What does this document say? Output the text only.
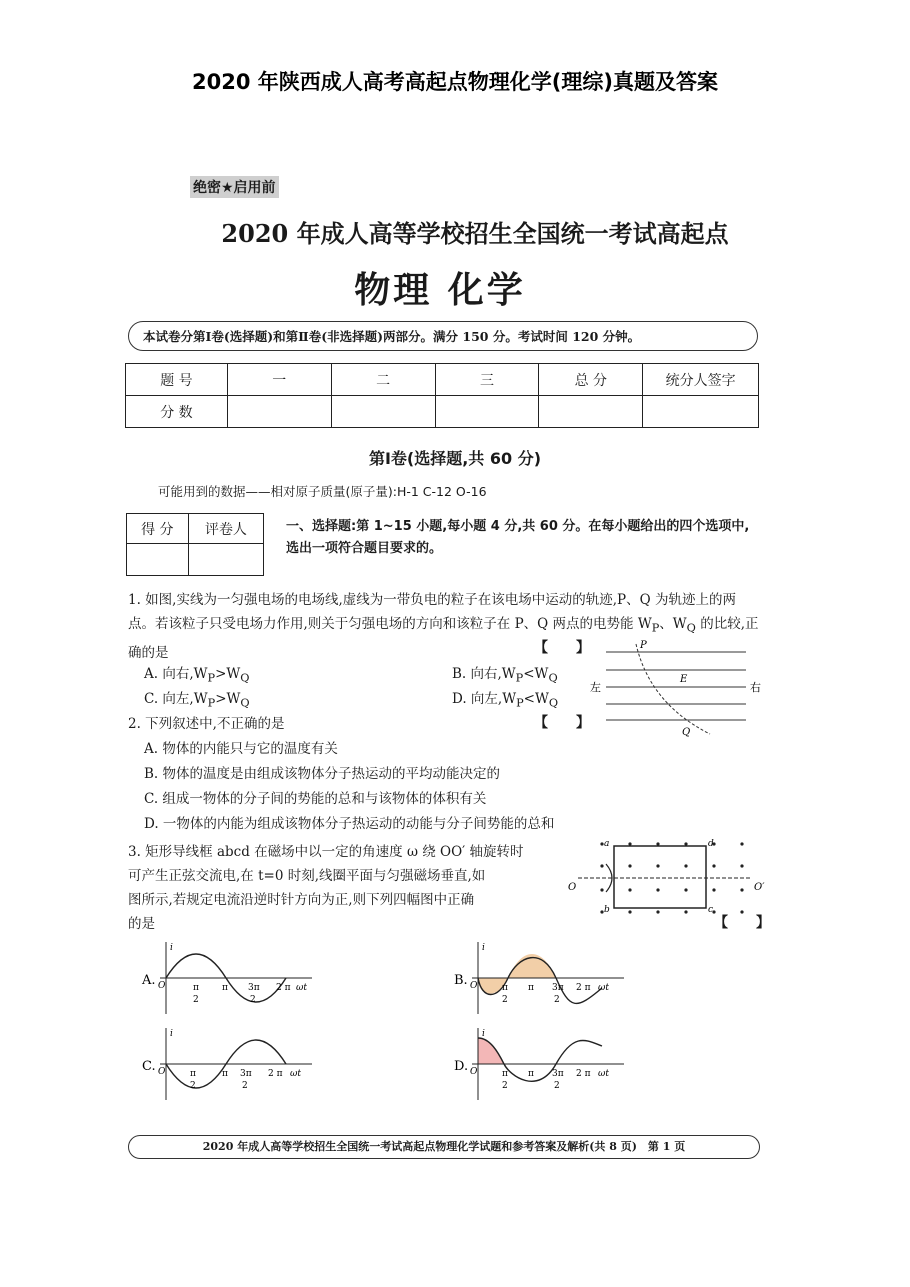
2020 年陕西成人高考高起点物理化学(理综)真题及答案
绝密★启用前
2020 年成人高等学校招生全国统一考试高起点
物理 化学
本试卷分第Ⅰ卷(选择题)和第Ⅱ卷(非选择题)两部分。满分 150 分。考试时间 120 分钟。
题 号	一	二	三	总 分	统分人签字
分 数					
第Ⅰ卷(选择题,共 60 分)
可能用到的数据——相对原子质量(原子量):H-1 C-12 O-16
得 分	评卷人
		一、选择题:第 1~15 小题,每小题 4 分,共 60 分。在每小题给出的四个选项中,选出一项符合题目要求的。
1. 如图,实线为一匀强电场的电场线,虚线为一带负电的粒子在该电场中运动的轨迹,P、Q 为轨迹上的两点。若该粒子只受电场力作用,则关于匀强电场的方向和该粒子在 P、Q 两点的电势能 $W_P$、$W_Q$ 的比较,正确的是	【　　】
A. 向右$,W_P>W_Q$	B. 向右$,W_P<W_Q$
C. 向左$,W_P>W_Q$	D. 向左$,W_P<W_Q$
P
Q
E
左	右
2. 下列叙述中,不正确的是	【　　】
A. 物体的内能只与它的温度有关
B. 物体的温度是由组成该物体分子热运动的平均动能决定的
C. 组成一物体的分子间的势能的总和与该物体的体积有关
D. 一物体的内能为组成该物体分子热运动的动能与分子间势能的总和
3. 矩形导线框 abcd 在磁场中以一定的角速度 ω 绕 OO′ 轴旋转时
可产生正弦交流电,在 t=0 时刻,线圈平面与匀强磁场垂直,如
图所示,若规定电流沿逆时针方向为正,则下列四幅图中正确
的是	【　　】
a
b	c
d
O	O′
i
A. O	π
2
π 3π
2
2 π ωt
i
B. O	π
2
π 3π
2
2 π ωt
i
C. O	π
2
π 3π
2
2 π ωt
i
D. O	π
2
π 3π
2
2 π ωt
2020 年成人高等学校招生全国统一考试高起点物理化学试题和参考答案及解析(共 8 页)　第 1 页
